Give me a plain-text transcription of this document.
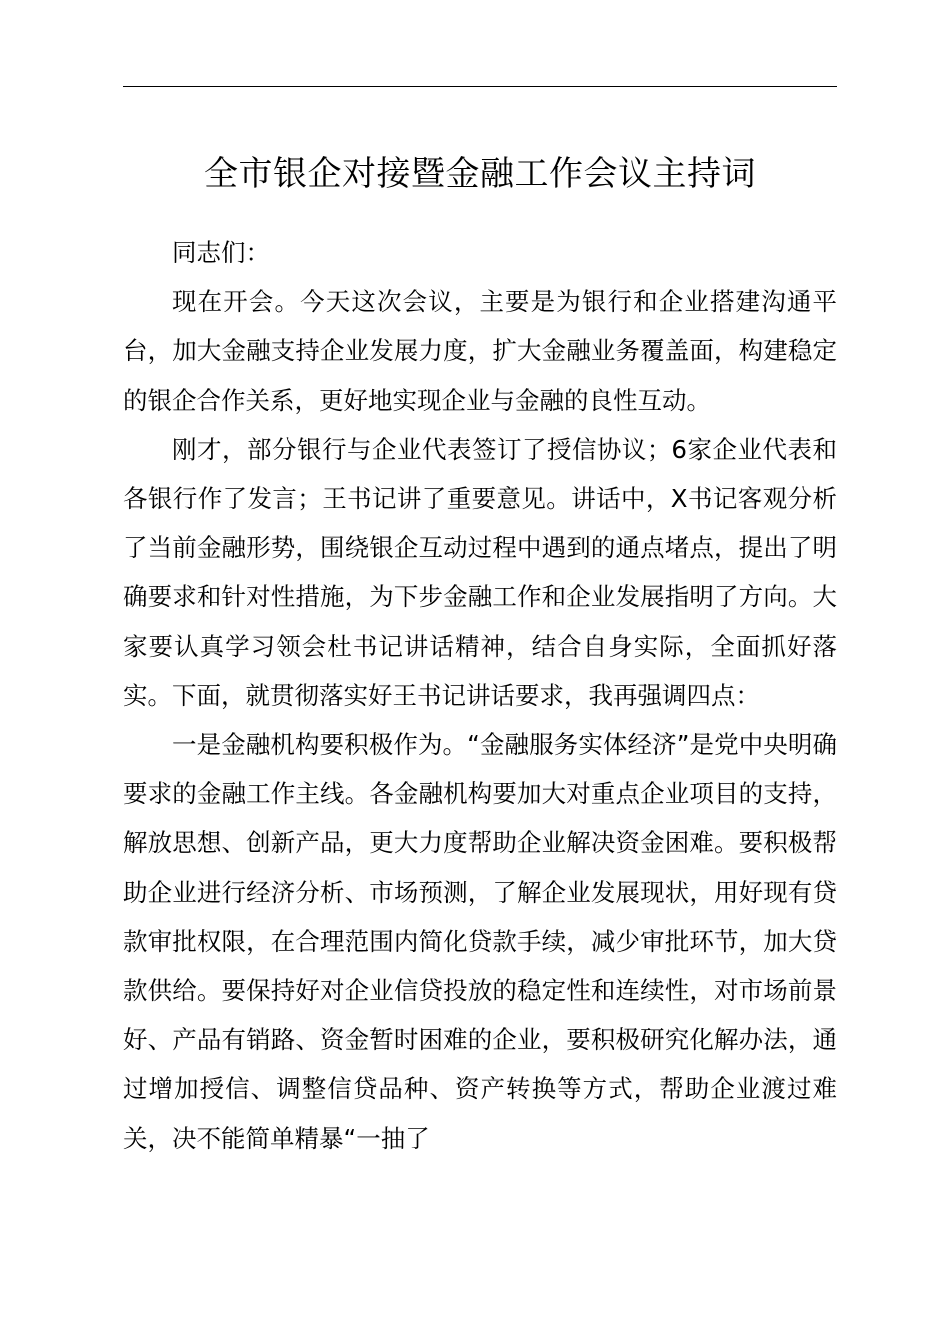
全市银企对接暨金融工作会议主持词

同志们：

现在开会。今天这次会议，主要是为银行和企业搭建沟通平台，加大金融支持企业发展力度，扩大金融业务覆盖面，构建稳定的银企合作关系，更好地实现企业与金融的良性互动。

刚才，部分银行与企业代表签订了授信协议；6家企业代表和各银行作了发言；王书记讲了重要意见。讲话中，X书记客观分析了当前金融形势，围绕银企互动过程中遇到的通点堵点，提出了明确要求和针对性措施，为下步金融工作和企业发展指明了方向。大家要认真学习领会杜书记讲话精神，结合自身实际，全面抓好落实。下面，就贯彻落实好王书记讲话要求，我再强调四点：

一是金融机构要积极作为。“金融服务实体经济”是党中央明确要求的金融工作主线。各金融机构要加大对重点企业项目的支持，解放思想、创新产品，更大力度帮助企业解决资金困难。要积极帮助企业进行经济分析、市场预测，了解企业发展现状，用好现有贷款审批权限，在合理范围内简化贷款手续，减少审批环节，加大贷款供给。要保持好对企业信贷投放的稳定性和连续性，对市场前景好、产品有销路、资金暂时困难的企业，要积极研究化解办法，通过增加授信、调整信贷品种、资产转换等方式，帮助企业渡过难关，决不能简单精暴“一抽了
